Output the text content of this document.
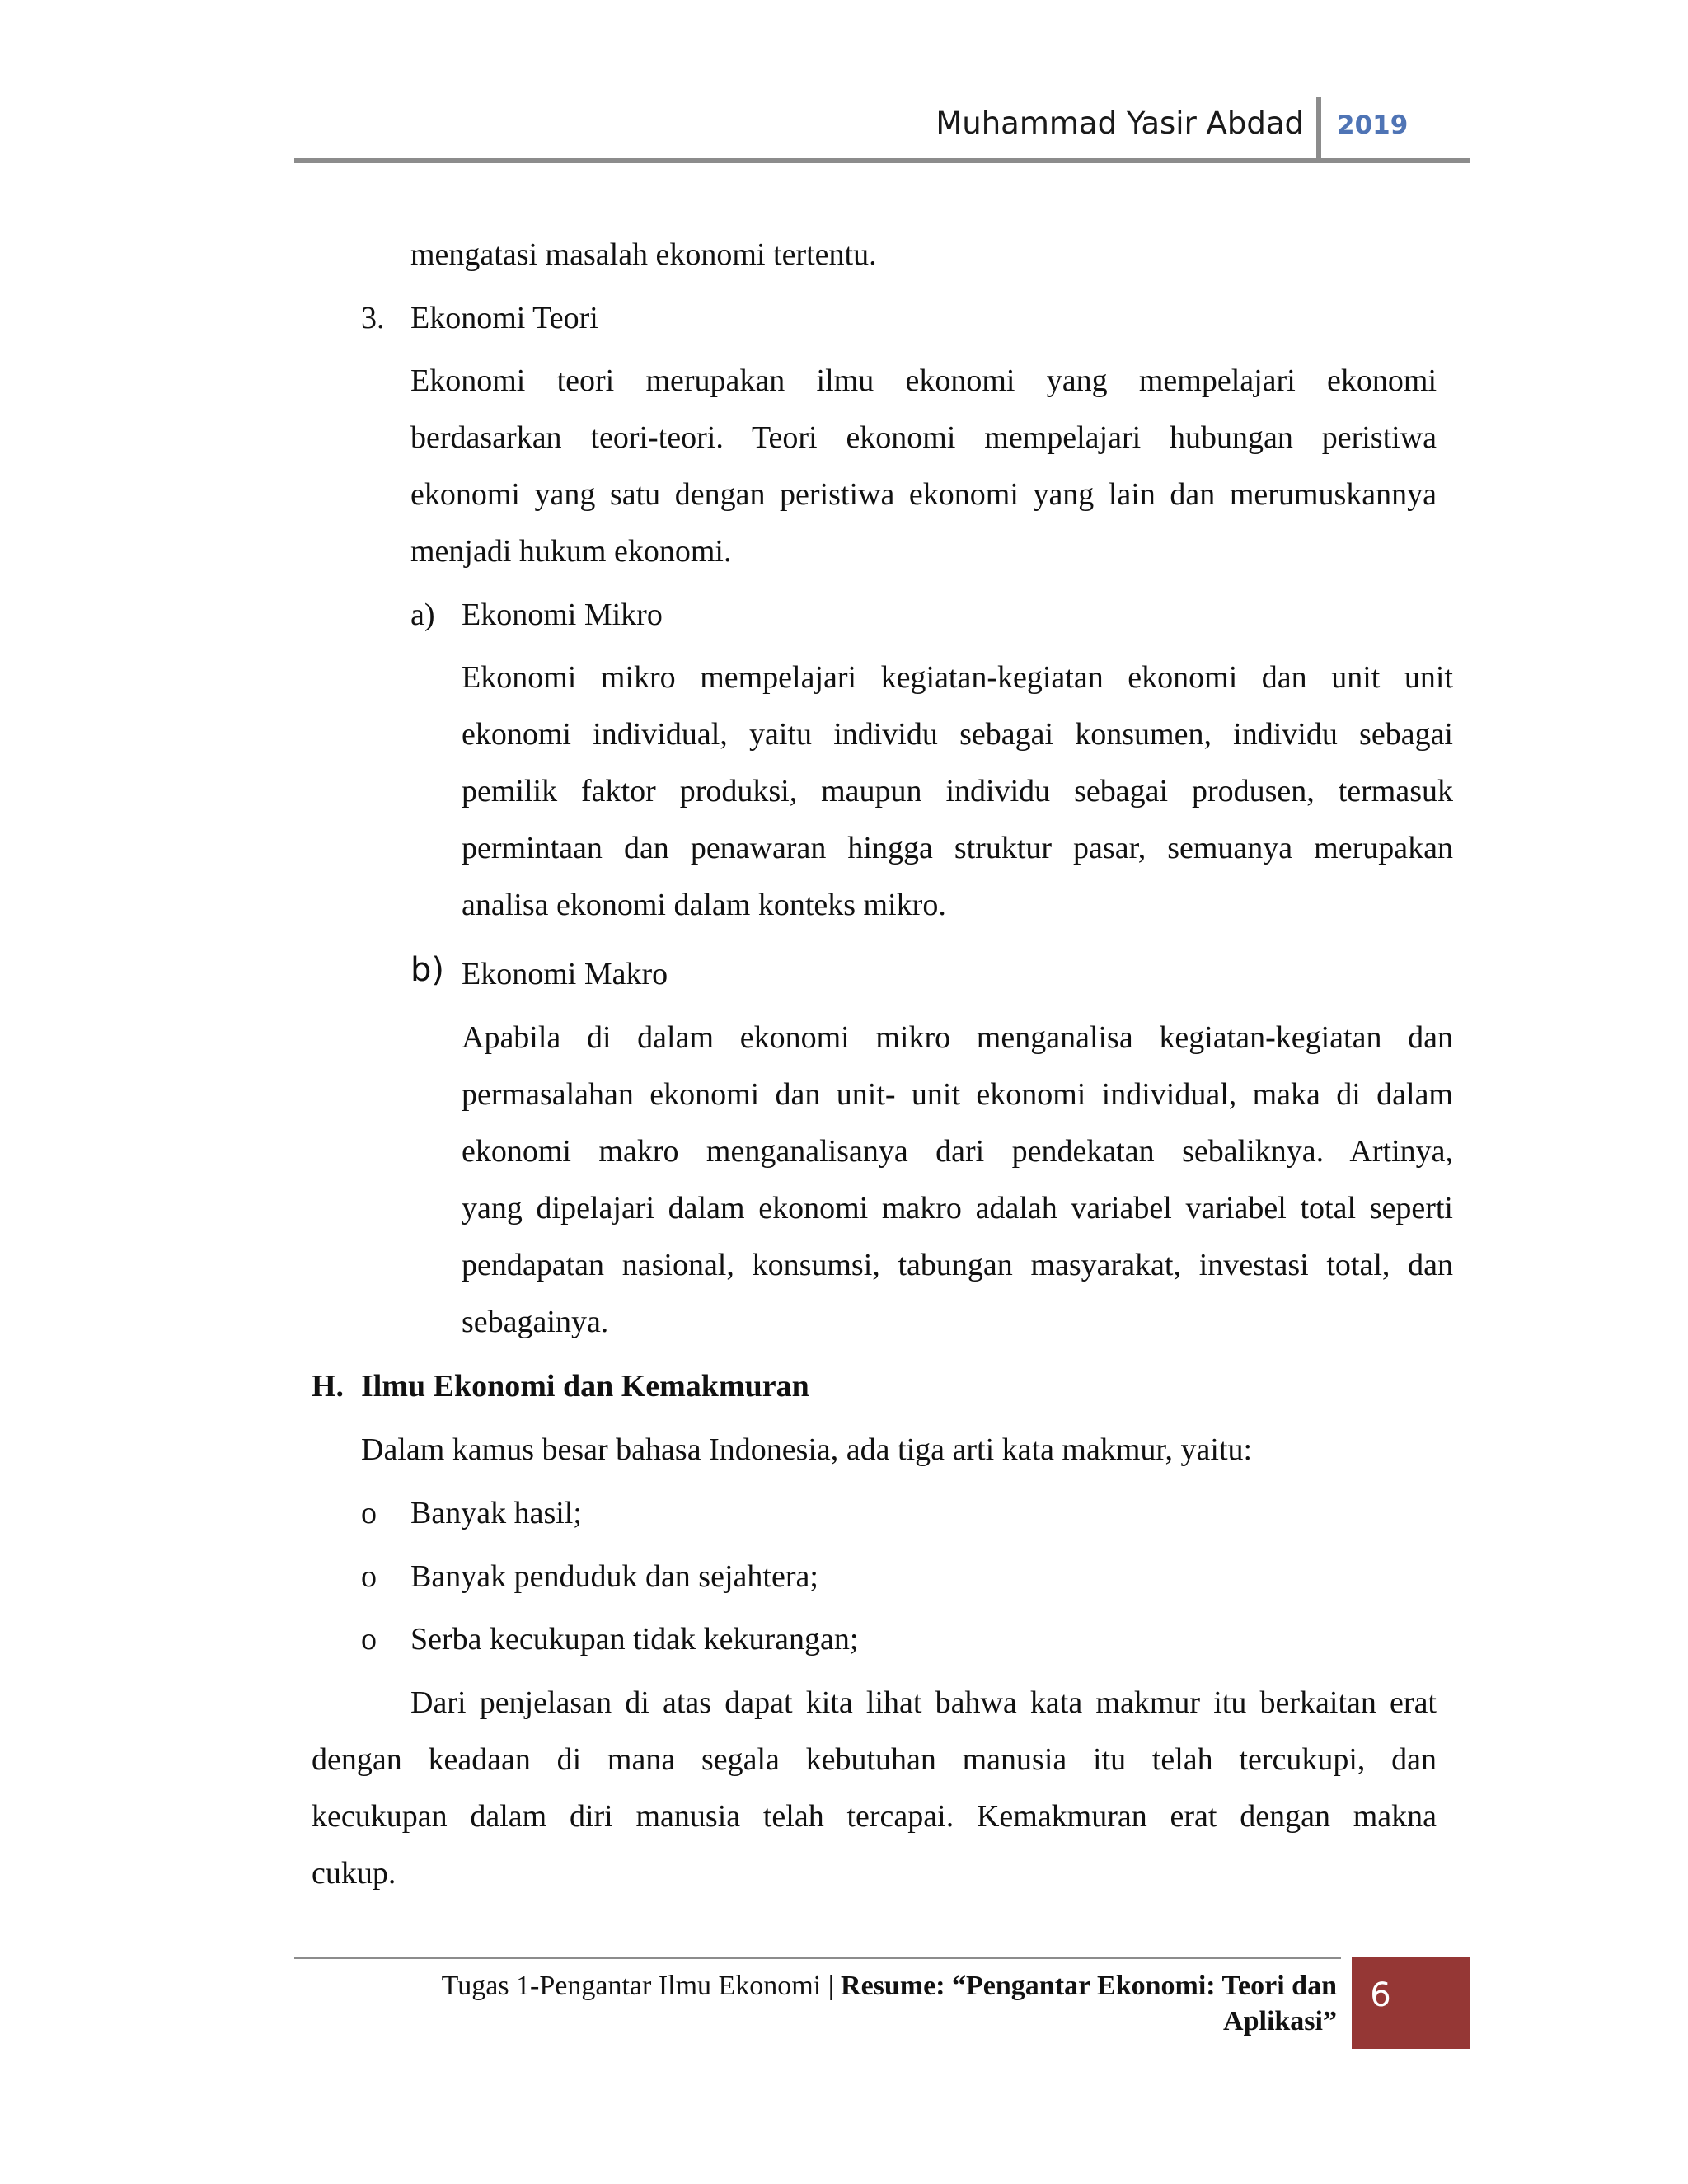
Muhammad Yasir Abdad 2019
mengatasi masalah ekonomi tertentu.
3. Ekonomi Teori
Ekonomi teori merupakan ilmu ekonomi yang mempelajari ekonomi
berdasarkan teori-teori. Teori ekonomi mempelajari hubungan peristiwa
ekonomi yang satu dengan peristiwa ekonomi yang lain dan merumuskannya
menjadi hukum ekonomi.
a) Ekonomi Mikro
Ekonomi mikro mempelajari kegiatan-kegiatan ekonomi dan unit unit
ekonomi individual, yaitu individu sebagai konsumen, individu sebagai
pemilik faktor produksi, maupun individu sebagai produsen, termasuk
permintaan dan penawaran hingga struktur pasar, semuanya merupakan
analisa ekonomi dalam konteks mikro.
b) Ekonomi Makro
Apabila di dalam ekonomi mikro menganalisa kegiatan-kegiatan dan
permasalahan ekonomi dan unit- unit ekonomi individual, maka di dalam
ekonomi makro menganalisanya dari pendekatan sebaliknya. Artinya,
yang dipelajari dalam ekonomi makro adalah variabel variabel total seperti
pendapatan nasional, konsumsi, tabungan masyarakat, investasi total, dan
sebagainya.
H. Ilmu Ekonomi dan Kemakmuran
Dalam kamus besar bahasa Indonesia, ada tiga arti kata makmur, yaitu:
o Banyak hasil;
o Banyak penduduk dan sejahtera;
o Serba kecukupan tidak kekurangan;
Dari penjelasan di atas dapat kita lihat bahwa kata makmur itu berkaitan erat
dengan keadaan di mana segala kebutuhan manusia itu telah tercukupi, dan
kecukupan dalam diri manusia telah tercapai. Kemakmuran erat dengan makna
cukup.
Tugas 1-Pengantar Ilmu Ekonomi | Resume: “Pengantar Ekonomi: Teori dan
Aplikasi”
6
